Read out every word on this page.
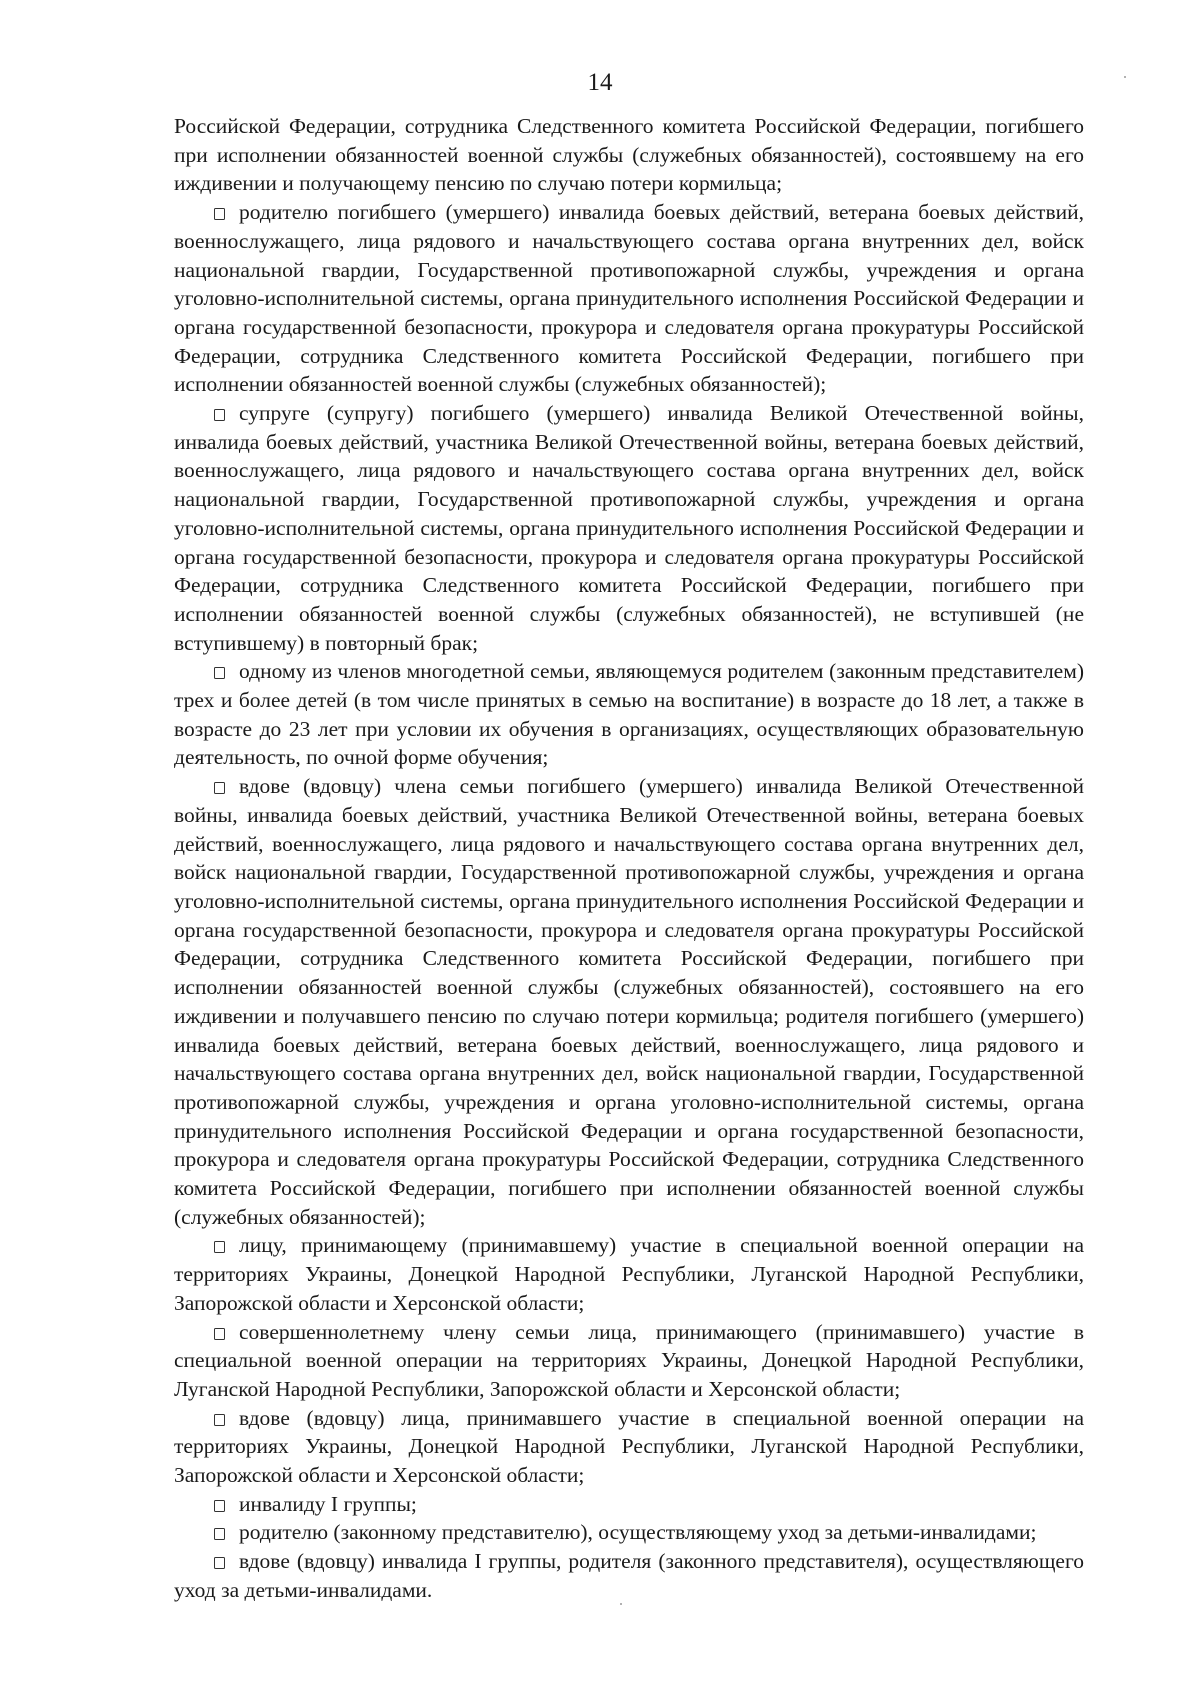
14

Российской Федерации, сотрудника Следственного комитета Российской Федерации, погибшего при исполнении обязанностей военной службы (служебных обязанностей), состоявшему на его иждивении и получающему пенсию по случаю потери кормильца;

родителю погибшего (умершего) инвалида боевых действий, ветерана боевых действий, военнослужащего, лица рядового и начальствующего состава органа внутренних дел, войск национальной гвардии, Государственной противопожарной службы, учреждения и органа уголовно-исполнительной системы, органа принудительного исполнения Российской Федерации и органа государственной безопасности, прокурора и следователя органа прокуратуры Российской Федерации, сотрудника Следственного комитета Российской Федерации, погибшего при исполнении обязанностей военной службы (служебных обязанностей);

супруге (супругу) погибшего (умершего) инвалида Великой Отечественной войны, инвалида боевых действий, участника Великой Отечественной войны, ветерана боевых действий, военнослужащего, лица рядового и начальствующего состава органа внутренних дел, войск национальной гвардии, Государственной противопожарной службы, учреждения и органа уголовно-исполнительной системы, органа принудительного исполнения Российской Федерации и органа государственной безопасности, прокурора и следователя органа прокуратуры Российской Федерации, сотрудника Следственного комитета Российской Федерации, погибшего при исполнении обязанностей военной службы (служебных обязанностей), не вступившей (не вступившему) в повторный брак;

одному из членов многодетной семьи, являющемуся родителем (законным представителем) трех и более детей (в том числе принятых в семью на воспитание) в возрасте до 18 лет, а также в возрасте до 23 лет при условии их обучения в организациях, осуществляющих образовательную деятельность, по очной форме обучения;

вдове (вдовцу) члена семьи погибшего (умершего) инвалида Великой Отечественной войны, инвалида боевых действий, участника Великой Отечественной войны, ветерана боевых действий, военнослужащего, лица рядового и начальствующего состава органа внутренних дел, войск национальной гвардии, Государственной противопожарной службы, учреждения и органа уголовно-исполнительной системы, органа принудительного исполнения Российской Федерации и органа государственной безопасности, прокурора и следователя органа прокуратуры Российской Федерации, сотрудника Следственного комитета Российской Федерации, погибшего при исполнении обязанностей военной службы (служебных обязанностей), состоявшего на его иждивении и получавшего пенсию по случаю потери кормильца; родителя погибшего (умершего) инвалида боевых действий, ветерана боевых действий, военнослужащего, лица рядового и начальствующего состава органа внутренних дел, войск национальной гвардии, Государственной противопожарной службы, учреждения и органа уголовно-исполнительной системы, органа принудительного исполнения Российской Федерации и органа государственной безопасности, прокурора и следователя органа прокуратуры Российской Федерации, сотрудника Следственного комитета Российской Федерации, погибшего при исполнении обязанностей военной службы (служебных обязанностей);

лицу, принимающему (принимавшему) участие в специальной военной операции на территориях Украины, Донецкой Народной Республики, Луганской Народной Республики, Запорожской области и Херсонской области;

совершеннолетнему члену семьи лица, принимающего (принимавшего) участие в специальной военной операции на территориях Украины, Донецкой Народной Республики, Луганской Народной Республики, Запорожской области и Херсонской области;

вдове (вдовцу) лица, принимавшего участие в специальной военной операции на территориях Украины, Донецкой Народной Республики, Луганской Народной Республики, Запорожской области и Херсонской области;

инвалиду I группы;

родителю (законному представителю), осуществляющему уход за детьми-инвалидами;

вдове (вдовцу) инвалида I группы, родителя (законного представителя), осуществляющего уход за детьми-инвалидами.
